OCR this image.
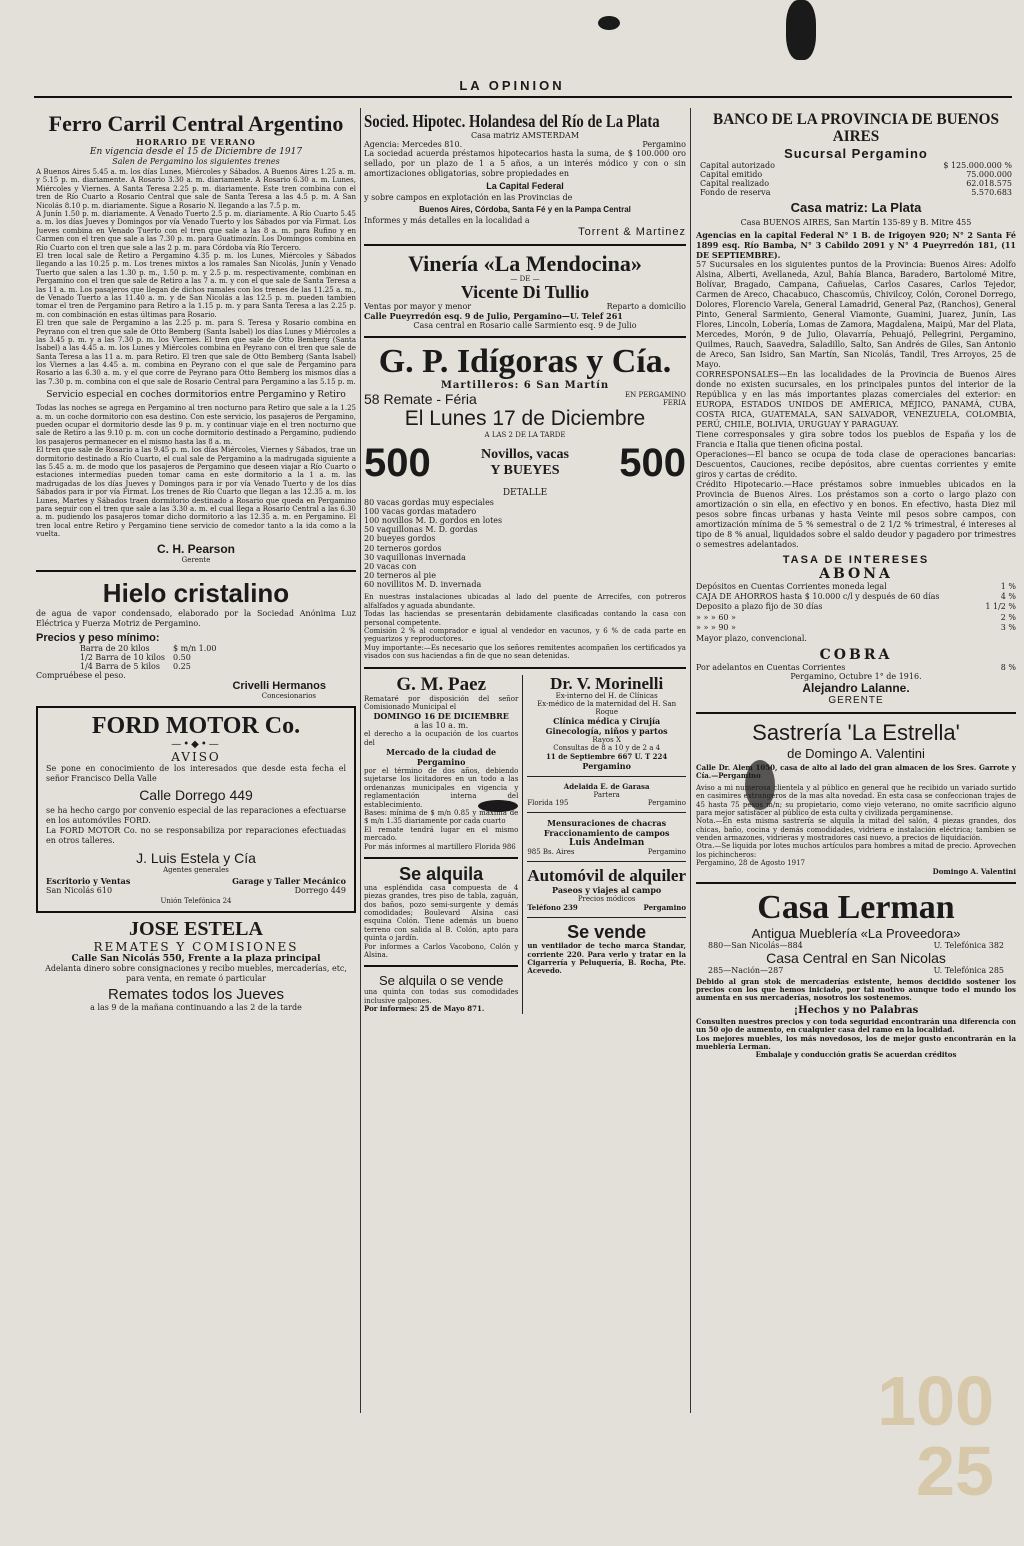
LA OPINION
Ferro Carril Central Argentino
HORARIO DE VERANO
En vigencia desde el 15 de Diciembre de 1917
Salen de Pergamino los siguientes trenes
A Buenos Aires 5.45 a. m. los días Lunes, Miércoles y Sábados. A Buenos Aires 1.25 a. m. y 5.15 p. m. diariamente. A Rosario 3.30 a. m. diariamente. A Rosario 6.30 a. m. Lunes, Miércoles y Viernes. A Santa Teresa 2.25 p. m. diariamente. Este tren combina con el tren de Río Cuarto a Rosario Central que sale de Santa Teresa a las 4.5 p. m. A San Nicolás 8.10 p. m. diariamente. Sigue a Rosario N. llegando a las 7.5 p. m.
A Junín 1.50 p. m. diariamente. A Venado Tuerto 2.5 p. m. diariamente. A Río Cuarto 5.45 a. m. los días Jueves y Domingos por vía Venado Tuerto y los Sábados por vía Firmat. Los Jueves combina en Venado Tuerto con el tren que sale a las 8 a. m. para Rufino y en Carmen con el tren que sale a las 7.30 p. m. para Guatimozín. Los Domingos combina en Río Cuarto con el tren que sale a las 2 p. m. para Córdoba vía Río Tercero.
El tren local sale de Retiro a Pergamino 4.35 p. m. los Lunes, Miércoles y Sábados llegando a las 10.25 p. m. Los trenes mixtos a los ramales San Nicolás, Junín y Venado Tuerto que salen a las 1.30 p. m., 1.50 p. m. y 2.5 p. m. respectivamente, combinan en Pergamino con el tren que sale de Retiro a las 7 a. m. y con el que sale de Santa Teresa a las 11 a. m. Los pasajeros que llegan de dichos ramales con los trenes de las 11.25 a. m., de Venado Tuerto a las 11.40 a. m. y de San Nicolás a las 12.5 p. m. pueden tambien tomar el tren de Pergamino para Retiro a la 1.15 p. m. y para Santa Teresa a las 2.25 p. m. con combinación en estas últimas para Rosario.
El tren que sale de Pergamino a las 2.25 p. m. para S. Teresa y Rosario combina en Peyrano con el tren que sale de Otto Bemberg (Santa Isabel) los días Lunes y Miércoles a las 3.45 p. m. y a las 7.30 p. m. los Viernes. El tren que sale de Otto Bemberg (Santa Isabel) a las 4.45 a. m. los Lunes y Miércoles combina en Peyrano con el tren que sale de Santa Teresa a las 11 a. m. para Retiro. El tren que sale de Otto Bemberg (Santa Isabel) los Viernes a las 4.45 a. m. combina en Peyrano con el que sale de Pergamino para Rosario a las 6.30 a. m. y el que corre de Peyrano para Otto Bemberg los mismos días a las 7.30 p. m. combina con el que sale de Rosario Central para Pergamino a las 5.15 p. m.
Servicio especial en coches dormitorios entre Pergamino y Retiro
Todas las noches se agrega en Pergamino al tren nocturno para Retiro que sale a la 1.25 a. m. un coche dormitorio con esa destino. Con este servicio, los pasajeros de Pergamino, pueden ocupar el dormitorio desde las 9 p. m. y continuar viaje en el tren nocturno que sale de Retiro a las 9.10 p. m. con un coche dormitorio destinado a Pergamino, pudiendo los pasajeros permanecer en el mismo hasta las 8 a. m.
El tren que sale de Rosario a las 9.45 p. m. los días Miércoles, Viernes y Sábados, trae un dormitorio destinado a Río Cuarto, el cual sale de Pergamino a la madrugada siguiente a las 5.45 a. m. de modo que los pasajeros de Pergamino que deseen viajar a Río Cuarto o estaciones intermedias pueden tomar cama en este dormitorio a la 1 a. m. las madrugadas de los días Jueves y Domingos para ir por vía Venado Tuerto y de los días Sábados para ir por vía Firmat. Los trenes de Río Cuarto que llegan a las 12.35 a. m. los Lunes, Martes y Sábados traen dormitorio destinado a Rosario que queda en Pergamino para seguir con el tren que sale a las 3.30 a. m. el cual llega a Rosario Central a las 6.30 a. m. pudiendo los pasajeros tomar dicho dormitorio a las 12.35 a. m. en Pergamino. El tren local entre Retiro y Pergamino tiene servicio de comedor tanto a la ida como a la vuelta.
C. H. Pearson
Gerente
Hielo cristalino
de agua de vapor condensado, elaborado por la Sociedad Anónima Luz Eléctrica y Fuerza Motriz de Pergamino.
Precios y peso mínimo:
Barra de 20 kilos	$ m/n 1.00
1/2 Barra de 10 kilos	0.50
1/4 Barra de 5 kilos	0.25
Compruébese el peso.
Crivelli Hermanos
Concesionarios
FORD MOTOR Co.
—•◆•—
AVISO
Se pone en conocimiento de los interesados que desde esta fecha el señor Francisco Della Valle
Calle Dorrego 449
se ha hecho cargo por convenio especial de las reparaciones a efectuarse en los automóviles FORD.
La FORD MOTOR Co. no se responsabiliza por reparaciones efectuadas en otros talleres.
J. Luis Estela y Cía
Agentes generales
Escritorio y Ventas
San Nicolás 610
Garage y Taller Mecánico
Dorrego 449
Unión Telefónica 24
JOSE ESTELA
REMATES Y COMISIONES
Calle San Nicolás 550, Frente a la plaza principal
Adelanta dinero sobre consignaciones y recibo muebles, mercaderías, etc, para venta, en remate ó particular
Remates todos los Jueves
a las 9 de la mañana continuando a las 2 de la tarde
Socied. Hipotec. Holandesa del Río de La Plata
Casa matriz AMSTERDAM
Agencia: Mercedes 810.	Pergamino
La sociedad acuerda préstamos hipotecarios hasta la suma, de $ 100.000 oro sellado, por un plazo de 1 a 5 años, a un interés módico y con o sin amortizaciones obligatorias, sobre propiedades en
La Capital Federal
y sobre campos en explotación en las Provincias de
Buenos Aires, Córdoba, Santa Fé y en la Pampa Central
Informes y más detalles en la localidad a
Torrent & Martinez
Vinería «La Mendocina»
— DE —
Vicente Di Tullio
Ventas por mayor y menor	Reparto a domicilio
Calle Pueyrredón esq. 9 de Julio, Pergamino—U. Telef 261
Casa central en Rosario calle Sarmiento esq. 9 de Julio
G. P. Idígoras y Cía.
Martilleros: 6 San Martín
58 Remate - Féria	EN PERGAMINO
FERIA
El Lunes 17 de Diciembre
A LAS 2 DE LA TARDE
500	Novillos, vacas
Y BUEYES 500
DETALLE
80 vacas gordas muy especiales
100 vacas gordas matadero
100 novillos M. D. gordos en lotes
50 vaquillonas M. D. gordas
20 bueyes gordos
20 terneros gordos
30 vaquillonas invernada
20 vacas con
20 terneros al pie
60 novillitos M. D. invernada
En nuestras instalaciones ubicadas al lado del puente de Arrecifes, con potreros alfalfados y aguada abundante.
Todas las haciendas se presentarán debidamente clasificadas contando la casa con personal competente.
Comisión 2 % al comprador e igual al vendedor en vacunos, y 6 % de cada parte en yeguarizos y reproductores.
Muy importante:—Es necesario que los señores remitentes acompañen los certificados ya visados con sus haciendas a fin de que no sean detenidas.
G. M. Paez
Remataré por disposición del señor Comisionado Municipal el
DOMINGO 16 DE DICIEMBRE
a las 10 a. m.
el derecho a la ocupación de los cuartos del
Mercado de la ciudad de Pergamino
por el término de dos años, debiendo sujetarse los licitadores en un todo a las ordenanzas municipales en vigencia y reglamentación interna del establecimiento.
Bases: mínima de $ m/n 0.85 y maxima de $ m/n 1.35 diariamente por cada cuarto
El remate tendrá lugar en el mismo mercado.
Por más informes al martillero Florida 986
Se alquila
una espléndida casa compuesta de 4 piezas grandes, tres piso de tabla, zaguán, dos baños, pozo semi-surgente y demás comodidades; Boulevard Alsina casi esquina Colón. Tiene además un bueno terreno con salida al B. Colón, apto para quinta o jardín.
Por informes a Carlos Vacobono, Colón y Alsina.
Se alquila o se vende
una quinta con todas sus comodidades inclusive galpones.
Por informes: 25 de Mayo 871.
Dr. V. Morinelli
Ex-interno del H. de Clínicas
Ex-médico de la maternidad del H. San Roque
Clínica médica y Cirujía
Ginecología, niños y partos
Rayos X
Consultas de 8 a 10 y de 2 a 4
11 de Septiembre 667 U. T 224
Pergamino
Adelaida E. de Garasa
Partera
Florida 195	Pergamino
Mensuraciones de chacras
Fraccionamiento de campos
Luis Andelman
985 Bs. Aires	Pergamino
Automóvil de alquiler
Paseos y viajes al campo
Precios módicos
Teléfono 239	Pergamino
Se vende
un ventilador de techo marca Standar, corriente 220. Para verlo y tratar en la Cigarrería y Peluquería, B. Rocha, Pte. Acevedo.
BANCO DE LA PROVINCIA DE BUENOS AIRES
Sucursal Pergamino
Capital autorizado	$ 125.000.000 %
Capital emitido	75.000.000
Capital realizado	62.018.575
Fondo de reserva	5.570.683
Casa matriz: La Plata
Casa BUENOS AIRES, San Martín 135-89 y B. Mitre 455
Agencias en la capital Federal N° 1 B. de Irigoyen 920; N° 2 Santa Fé 1899 esq. Río Bamba, N° 3 Cabildo 2091 y N° 4 Pueyrredón 181, (11 DE SEPTIEMBRE).
57 Sucursales en los siguientes puntos de la Provincia: Buenos Aires: Adolfo Alsina, Alberti, Avellaneda, Azul, Bahía Blanca, Baradero, Bartolomé Mitre, Bolívar, Bragado, Campana, Cañuelas, Carlos Casares, Carlos Tejedor, Carmen de Areco, Chacabuco, Chascomús, Chivilcoy, Colón, Coronel Dorrego, Dolores, Florencio Varela, General Lamadrid, General Paz, (Ranchos), General Pinto, General Sarmiento, General Viamonte, Guamini, Juarez, Junín, Las Flores, Lincoln, Lobería, Lomas de Zamora, Magdalena, Maipú, Mar del Plata, Mercedes, Morón, 9 de Julio, Olavarría, Pehuajó, Pellegrini, Pergamino, Quilmes, Rauch, Saavedra, Saladillo, Salto, San Andrés de Giles, San Antonio de Areco, San Isidro, San Martín, San Nicolás, Tandil, Tres Arroyos, 25 de Mayo.
CORRESPONSALES—En las localidades de la Provincia de Buenos Aires donde no existen sucursales, en los principales puntos del interior de la República y en las más importantes plazas comerciales del exterior: en EUROPA, ESTADOS UNIDOS DE AMÉRICA, MÉJICO, PANAMÁ, CUBA, COSTA RICA, GUATEMALA, SAN SALVADOR, VENEZUELA, COLOMBIA, PERÚ, CHILE, BOLIVIA, URUGUAY Y PARAGUAY.
Tiene corresponsales y gira sobre todos los pueblos de España y los de Francia e Italia que tienen oficina postal.
Operaciones—El banco se ocupa de toda clase de operaciones bancarias: Descuentos, Cauciones, recibe depósitos, abre cuentas corrientes y emite giros y cartas de crédito.
Crédito Hipotecario.—Hace préstamos sobre inmuebles ubicados en la Provincia de Buenos Aires. Los préstamos son a corto o largo plazo con amortización o sin ella, en efectivo y en bonos. En efectivo, hasta Diez mil pesos sobre fincas urbanas y hasta Veinte mil pesos sobre campos, con amortización mínima de 5 % semestral o de 2 1/2 % trimestral, é intereses al tipo de 8 % anual, liquidados sobre el saldo deudor y pagadero por trimestres o semestres adelantados.
TASA DE INTERESES
ABONA
Depósitos en Cuentas Corrientes moneda legal	1 %
CAJA DE AHORROS hasta $ 10.000 c/l y después de 60 días	4 %
Deposito a plazo fijo de 30 días	1 1/2 %
» » » 60 »	2 %
» » » 90 »	3 %
Mayor plazo, convencional.
COBRA
Por adelantos en Cuentas Corrientes	8 %
Pergamino, Octubre 1° de 1916.
Alejandro Lalanne.
GERENTE
Sastrería 'La Estrella'
de Domingo A. Valentini
Calle Dr. Alem 1050, casa de alto al lado del gran almacen de los Sres. Garrote y Cía.—Pergamino
Aviso a mi numerosa clientela y al público en general que he recibido un variado surtido en casimires extrangeros de la mas alta novedad. En esta casa se confeccionan trajes de 45 hasta 75 pesos m/n; su propietario, como viejo veterano, no omite sacrificio alguno para mejor satisfacer al público de esta culta y civilizada pergaminense.
Nota.—En esta misma sastrería se alquila la mitad del salón, 4 piezas grandes, dos chicas, baño, cocina y demás comodidades, vidriera e instalación eléctrica; tambien se venden armazones, vidrieras y mostradores casi nuevo, a precios de liquidación.
Otra.—Se liquida por lotes muchos artículos para hombres a mitad de precio. Aprovechen los pichincheros:
Pergamino, 28 de Agosto 1917
Domingo A. Valentini
Casa Lerman
Antigua Mueblería «La Proveedora»
880—San Nicolás—884	U. Telefónica 382
Casa Central en San Nicolas
285—Nación—287	U. Telefónica 285
Debido al gran stok de mercaderías existente, hemos decidido sostener los precios con los que hemos iniciado, por tal motivo aunque todo el mundo los aumenta en sus mercaderías, nosotros los sostenemos.
¡Hechos y no Palabras
Consulten nuestros precios y con toda seguridad encontrarán una diferencia con un 50 ojo de aumento, en cualquier casa del ramo en la localidad.
Los mejores muebles, los más novedosos, los de mejor gusto encontrarán en la mueblería Lerman.
Embalaje y conducción gratis Se acuerdan créditos
100
25
